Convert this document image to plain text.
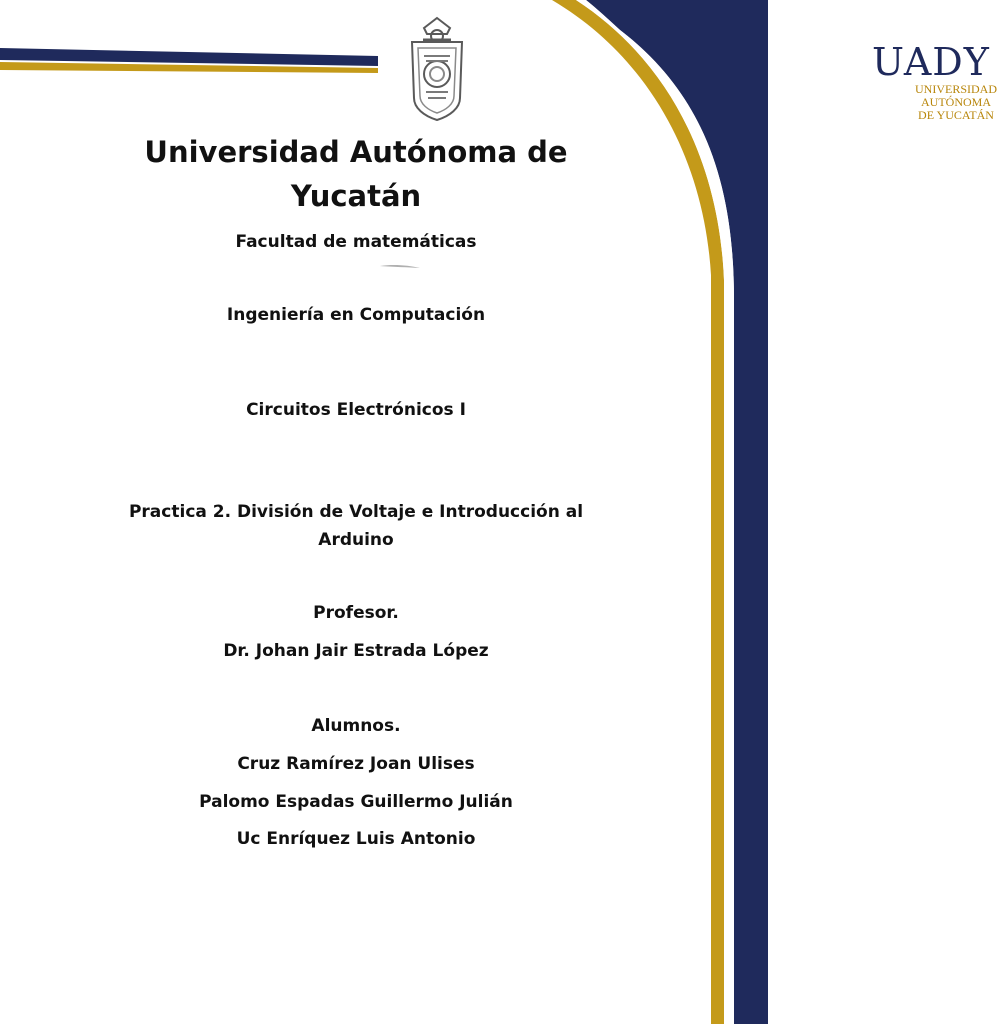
UADY
UNIVERSIDAD
AUTÓNOMA
DE YUCATÁN
Universidad Autónoma de
Yucatán
Facultad de matemáticas
Ingeniería en Computación
Circuitos Electrónicos I
Practica 2. División de Voltaje e Introducción al
Arduino
Profesor.
Dr. Johan Jair Estrada López
Alumnos.
Cruz Ramírez Joan Ulises
Palomo Espadas Guillermo Julián
Uc Enríquez Luis Antonio
